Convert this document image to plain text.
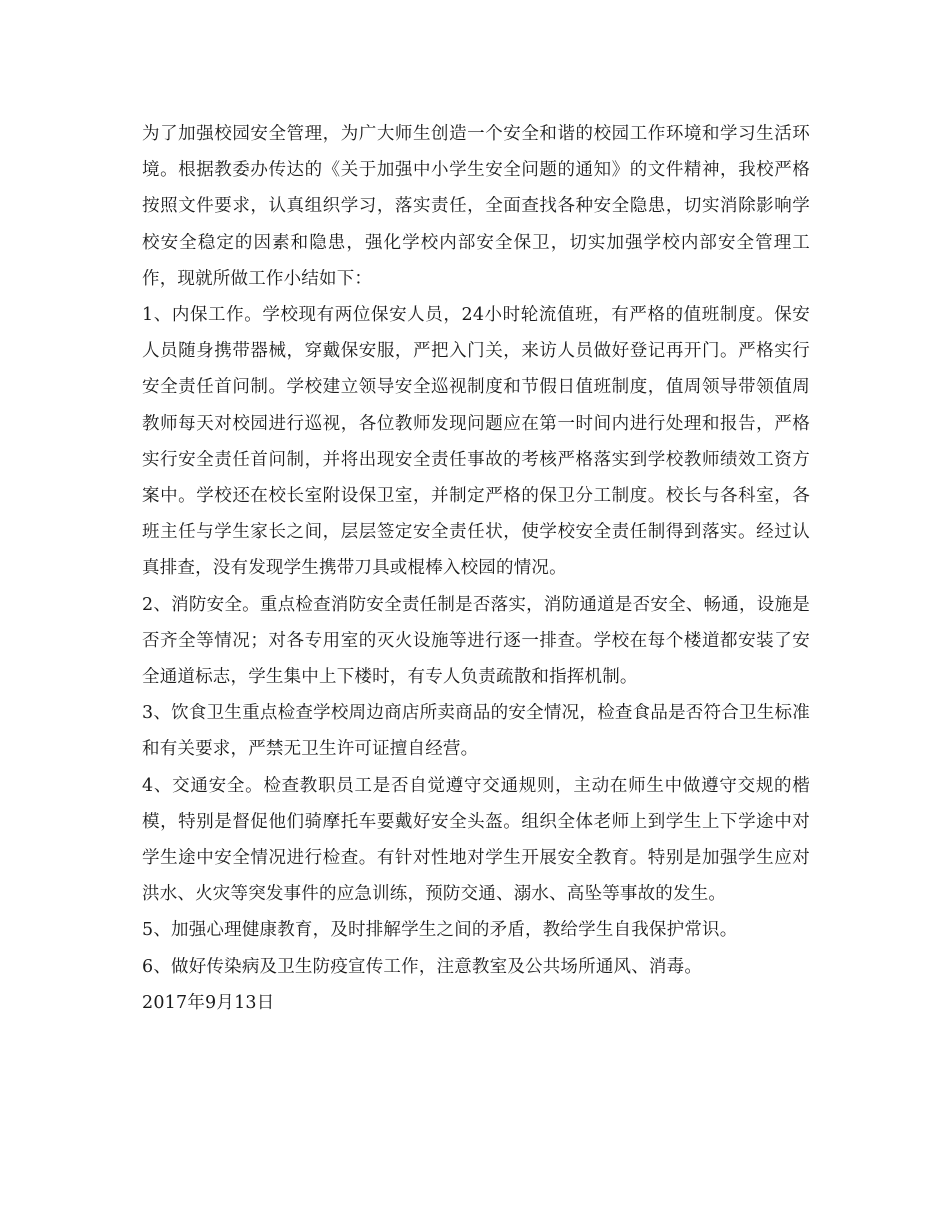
为了加强校园安全管理，为广大师生创造一个安全和谐的校园工作环境和学习生活环境。根据教委办传达的《关于加强中小学生安全问题的通知》的文件精神，我校严格按照文件要求，认真组织学习，落实责任，全面查找各种安全隐患，切实消除影响学校安全稳定的因素和隐患，强化学校内部安全保卫，切实加强学校内部安全管理工作，现就所做工作小结如下：

1、内保工作。学校现有两位保安人员，24小时轮流值班，有严格的值班制度。保安人员随身携带器械，穿戴保安服，严把入门关，来访人员做好登记再开门。严格实行安全责任首问制。学校建立领导安全巡视制度和节假日值班制度，值周领导带领值周教师每天对校园进行巡视，各位教师发现问题应在第一时间内进行处理和报告，严格实行安全责任首问制，并将出现安全责任事故的考核严格落实到学校教师绩效工资方案中。学校还在校长室附设保卫室，并制定严格的保卫分工制度。校长与各科室，各班主任与学生家长之间，层层签定安全责任状，使学校安全责任制得到落实。经过认真排查，没有发现学生携带刀具或棍棒入校园的情况。

2、消防安全。重点检查消防安全责任制是否落实，消防通道是否安全、畅通，设施是否齐全等情况；对各专用室的灭火设施等进行逐一排查。学校在每个楼道都安装了安全通道标志，学生集中上下楼时，有专人负责疏散和指挥机制。

3、饮食卫生重点检查学校周边商店所卖商品的安全情况，检查食品是否符合卫生标准和有关要求，严禁无卫生许可证擅自经营。

4、交通安全。检查教职员工是否自觉遵守交通规则，主动在师生中做遵守交规的楷模，特别是督促他们骑摩托车要戴好安全头盔。组织全体老师上到学生上下学途中对学生途中安全情况进行检查。有针对性地对学生开展安全教育。特别是加强学生应对洪水、火灾等突发事件的应急训练，预防交通、溺水、高坠等事故的发生。

5、加强心理健康教育，及时排解学生之间的矛盾，教给学生自我保护常识。

6、做好传染病及卫生防疫宣传工作，注意教室及公共场所通风、消毒。

2017年9月13日
